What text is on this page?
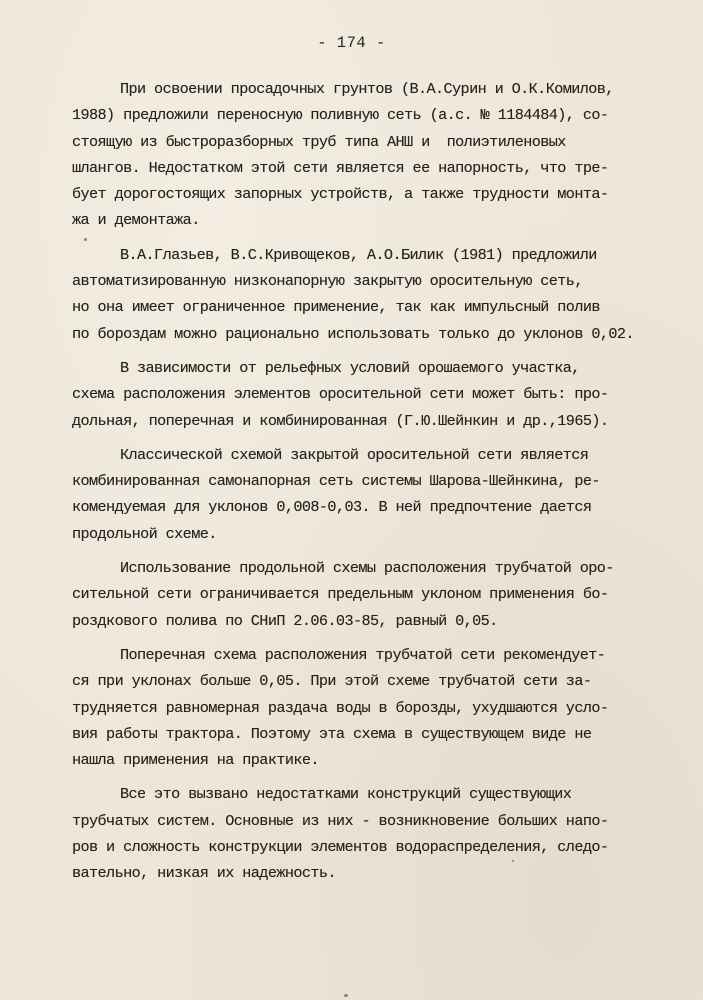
- 174 -
При освоении просадочных грунтов (В.А.Сурин и О.К.Комилов,
1988) предложили переносную поливную сеть (а.с. № 1184484), со-
стоящую из быстроразборных труб типа АНШ и  полиэтиленовых
шлангов. Недостатком этой сети является ее напорность, что тре-
бует дорогостоящих запорных устройств, а также трудности монта-
жа и демонтажа.
В.А.Глазьев, В.С.Кривощеков, А.О.Билик (1981) предложили
автоматизированную низконапорную закрытую оросительную сеть,
но она имеет ограниченное применение, так как импульсный полив
по бороздам можно рационально использовать только до уклонов 0,02.
В зависимости от рельефных условий орошаемого участка,
схема расположения элементов оросительной сети может быть: про-
дольная, поперечная и комбинированная (Г.Ю.Шейнкин и др.,1965).
Классической схемой закрытой оросительной сети является
комбинированная самонапорная сеть системы Шарова-Шейнкина, ре-
комендуемая для уклонов 0,008-0,03. В ней предпочтение дается
продольной схеме.
Использование продольной схемы расположения трубчатой оро-
сительной сети ограничивается предельным уклоном применения бо-
роздкового полива по СНиП 2.06.03-85, равный 0,05.
Поперечная схема расположения трубчатой сети рекомендует-
ся при уклонах больше 0,05. При этой схеме трубчатой сети за-
трудняется равномерная раздача воды в борозды, ухудшаются усло-
вия работы трактора. Поэтому эта схема в существующем виде не
нашла применения на практике.
Все это вызвано недостатками конструкций существующих
трубчатых систем. Основные из них - возникновение больших напо-
ров и сложность конструкции элементов водораспределения, следо-
вательно, низкая их надежность.
